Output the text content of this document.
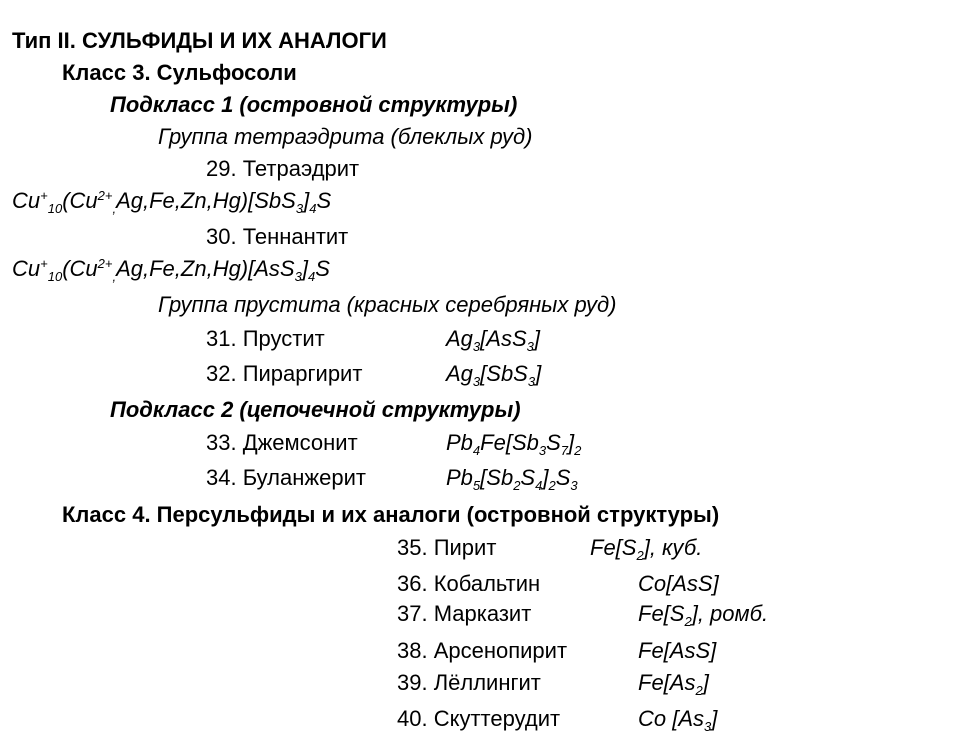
Тип II. СУЛЬФИДЫ И ИХ АНАЛОГИ
Класс 3. Сульфосоли
Подкласс 1 (островной структуры)
Группа тетраэдрита (блеклых руд)
29. Тетраэдрит
$Cu^+_{10}(Cu^{2+}_,Ag,Fe,Zn,Hg)[SbS_3]_4S$
30. Теннантит
$Cu^+_{10}(Cu^{2+}_,Ag,Fe,Zn,Hg)[AsS_3]_4S$
Группа прустита (красных серебряных руд)
31. Прустит	$Ag_3[AsS_3]$
32. Пираргирит	$Ag_3[SbS_3]$
Подкласс 2 (цепочечной структуры)
33. Джемсонит	$Pb_4Fe[Sb_3S_7]_2$
34. Буланжерит	$Pb_5[Sb_2S_4]_2S_3$
Класс 4. Персульфиды и их аналоги (островной структуры)
35. Пирит	$Fe[S_2]$, куб.
36. Кобальтин	Co[AsS]
37. Марказит	$Fe[S_2]$, ромб.
38. Арсенопирит	Fe[AsS]
39. Лёллингит	$Fe[As_2]$
40. Скуттерудит	Co $[As_3]$
